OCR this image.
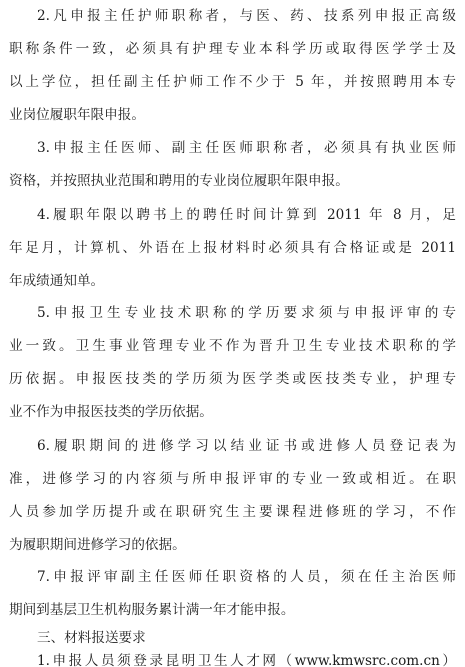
2.凡申报主任护师职称者，与医、药、技系列申报正高级

职称条件一致，必须具有护理专业本科学历或取得医学学士及

以上学位，担任副主任护师工作不少于 5 年，并按照聘用本专

业岗位履职年限申报。

3.申报主任医师、副主任医师职称者，必须具有执业医师

资格，并按照执业范围和聘用的专业岗位履职年限申报。

4.履职年限以聘书上的聘任时间计算到 2011 年 8 月，足

年足月，计算机、外语在上报材料时必须具有合格证或是 2011

年成绩通知单。

5.申报卫生专业技术职称的学历要求须与申报评审的专

业一致。卫生事业管理专业不作为晋升卫生专业技术职称的学

历依据。申报医技类的学历须为医学类或医技类专业，护理专

业不作为申报医技类的学历依据。

6.履职期间的进修学习以结业证书或进修人员登记表为

准，进修学习的内容须与所申报评审的专业一致或相近。在职

人员参加学历提升或在职研究生主要课程进修班的学习，不作

为履职期间进修学习的依据。

7.申报评审副主任医师任职资格的人员，须在任主治医师

期间到基层卫生机构服务累计满一年才能申报。

三、材料报送要求

1.申报人员须登录昆明卫生人才网（www.kmwsrc.com.cn）
